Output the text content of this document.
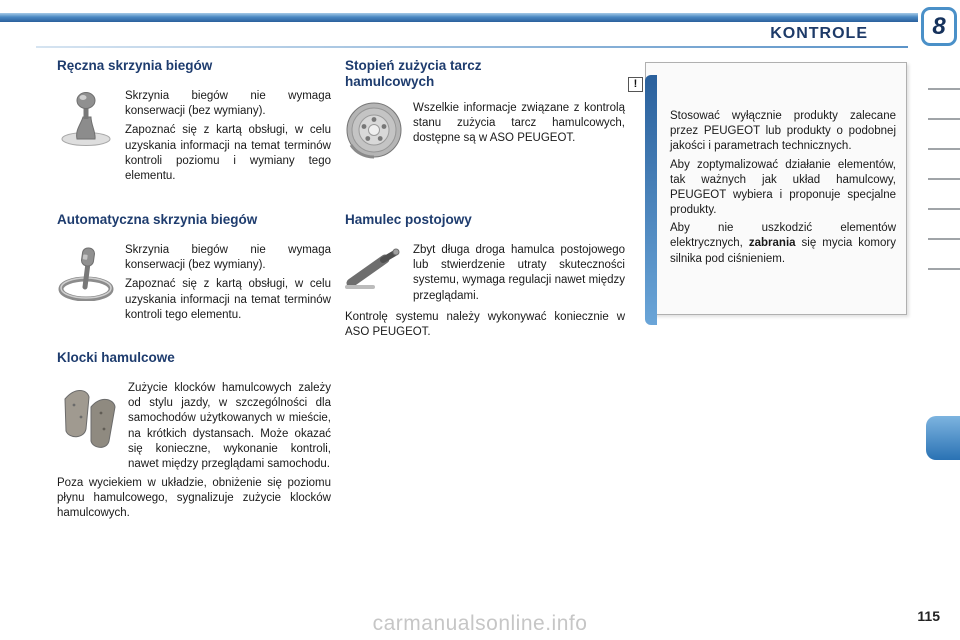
KONTROLE	8
Ręczna skrzynia biegów

Skrzynia biegów nie wymaga konserwacji (bez wymiany).

Zapoznać się z kartą obsługi, w celu uzyskania informacji na temat terminów kontroli poziomu i wymiany tego elementu.

Automatyczna skrzynia biegów

Skrzynia biegów nie wymaga konserwacji (bez wymiany).

Zapoznać się z kartą obsługi, w celu uzyskania informacji na temat terminów kontroli tego elementu.

Klocki hamulcowe

Zużycie klocków hamulcowych zależy od stylu jazdy, w szczególności dla samochodów użytkowanych w mieście, na krótkich dystansach. Może okazać się konieczne, wykonanie kontroli, nawet między przeglądami samochodu.

Poza wyciekiem w układzie, obniżenie się poziomu płynu hamulcowego, sygnalizuje zużycie klocków hamulcowych.

Stopień zużycia tarcz hamulcowych

Wszelkie informacje związane z kontrolą stanu zużycia tarcz hamulcowych, dostępne są w ASO PEUGEOT.

Hamulec postojowy

Zbyt długa droga hamulca postojowego lub stwierdzenie utraty skuteczności systemu, wymaga regulacji nawet między przeglądami.

Kontrolę systemu należy wykonywać koniecznie w ASO PEUGEOT.

!

Stosować wyłącznie produkty zalecane przez PEUGEOT lub produkty o podobnej jakości i parametrach technicznych.

Aby zoptymalizować działanie elementów, tak ważnych jak układ hamulcowy, PEUGEOT wybiera i proponuje specjalne produkty.

Aby nie uszkodzić elementów elektrycznych, zabrania się mycia komory silnika pod ciśnieniem.

115
carmanualsonline.info
